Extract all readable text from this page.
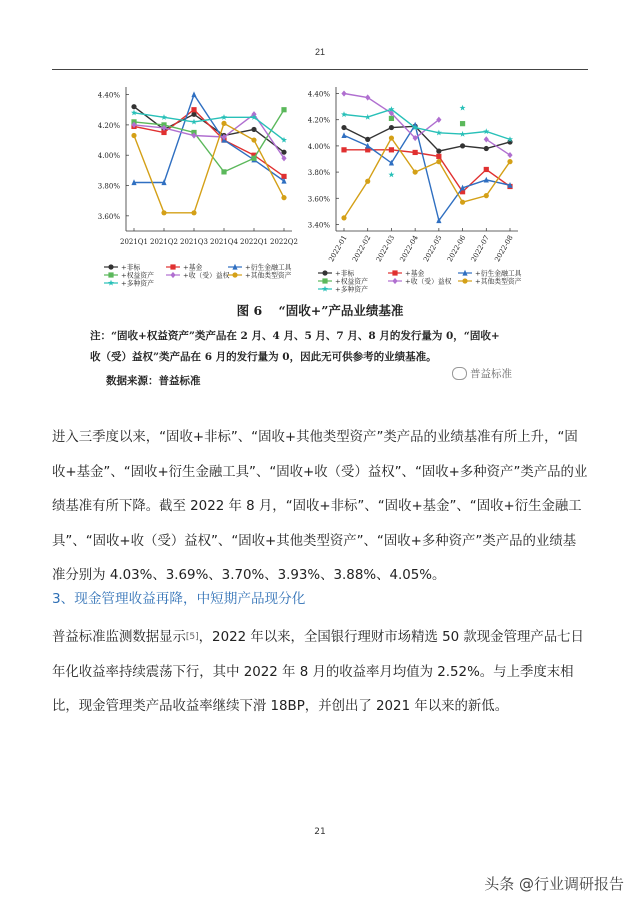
21
3.60%
3.80%
4.00%
4.20%
4.40%
2021Q1 2021Q2 2021Q3 2021Q4 2022Q1 2022Q2
3.40%
3.60%
3.80%
4.00%
4.20%
4.40%
2022-01 2022-02 2022-03 2022-04 2022-05 2022-06 2022-07 2022-08
+非标	+基金	+衍生金融工具
+权益资产	+收（受）益权 +其他类型资产
+多种资产
+非标	+基金	+衍生金融工具
+权益资产	+收（受）益权	+其他类型资产
+多种资产
图 6 “固收+”产品业绩基准
注：“固收+权益资产”类产品在 2 月、4 月、5 月、7 月、8 月的发行量为 0，“固收+
收（受）益权”类产品在 6 月的发行量为 0，因此无可供参考的业绩基准。
数据来源：普益标准
普益标准
进入三季度以来，“固收+非标”、“固收+其他类型资产”类产品的业绩基准有所上升，“固收+基金”、“固收+衍生金融工具”、“固收+收（受）益权”、“固收+多种资产”类产品的业绩基准有所下降。截至 2022 年 8 月，“固收+非标”、“固收+基金”、“固收+衍生金融工具”、“固收+收（受）益权”、“固收+其他类型资产”、“固收+多种资产”类产品的业绩基准分别为 4.03%、3.69%、3.70%、3.93%、3.88%、4.05%。
3、现金管理收益再降，中短期产品现分化
普益标准监测数据显示[5]，2022 年以来，全国银行理财市场精选 50 款现金管理产品七日年化收益率持续震荡下行，其中 2022 年 8 月的收益率月均值为 2.52%。与上季度末相比，现金管理类产品收益率继续下滑 18BP，并创出了 2021 年以来的新低。
21
头条 @行业调研报告
